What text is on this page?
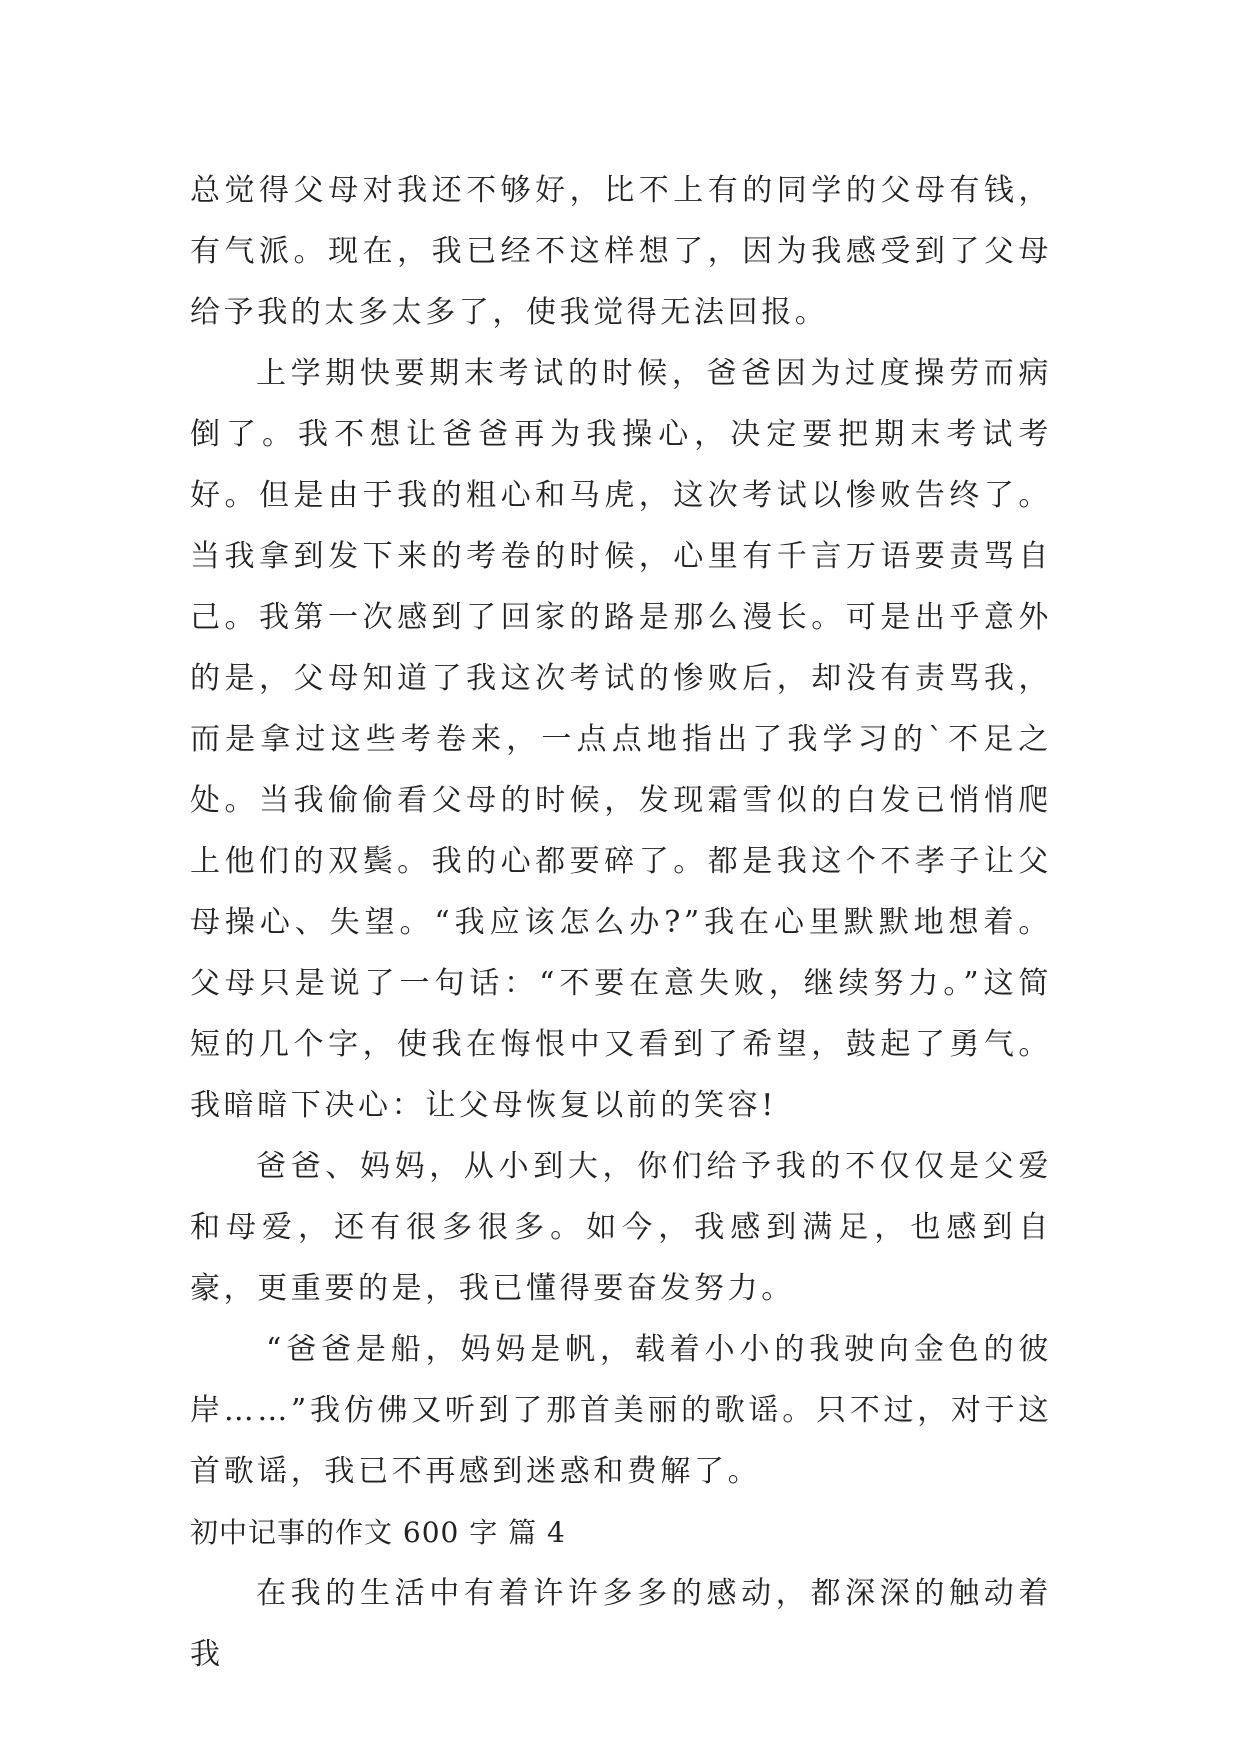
总觉得父母对我还不够好，比不上有的同学的父母有钱，有气派。现在，我已经不这样想了，因为我感受到了父母给予我的太多太多了，使我觉得无法回报。

上学期快要期末考试的时候，爸爸因为过度操劳而病倒了。我不想让爸爸再为我操心，决定要把期末考试考好。但是由于我的粗心和马虎，这次考试以惨败告终了。当我拿到发下来的考卷的时候，心里有千言万语要责骂自己。我第一次感到了回家的路是那么漫长。可是出乎意外的是，父母知道了我这次考试的惨败后，却没有责骂我，而是拿过这些考卷来，一点点地指出了我学习的`不足之处。当我偷偷看父母的时候，发现霜雪似的白发已悄悄爬上他们的双鬓。我的心都要碎了。都是我这个不孝子让父母操心、失望。“我应该怎么办?”我在心里默默地想着。父母只是说了一句话：“不要在意失败，继续努力。”这简短的几个字，使我在悔恨中又看到了希望，鼓起了勇气。我暗暗下决心：让父母恢复以前的笑容!

爸爸、妈妈，从小到大，你们给予我的不仅仅是父爱和母爱，还有很多很多。如今，我感到满足，也感到自豪，更重要的是，我已懂得要奋发努力。

“爸爸是船，妈妈是帆，载着小小的我驶向金色的彼岸……”我仿佛又听到了那首美丽的歌谣。只不过，对于这首歌谣，我已不再感到迷惑和费解了。

初中记事的作文 600 字 篇 4

在我的生活中有着许许多多的感动，都深深的触动着我
